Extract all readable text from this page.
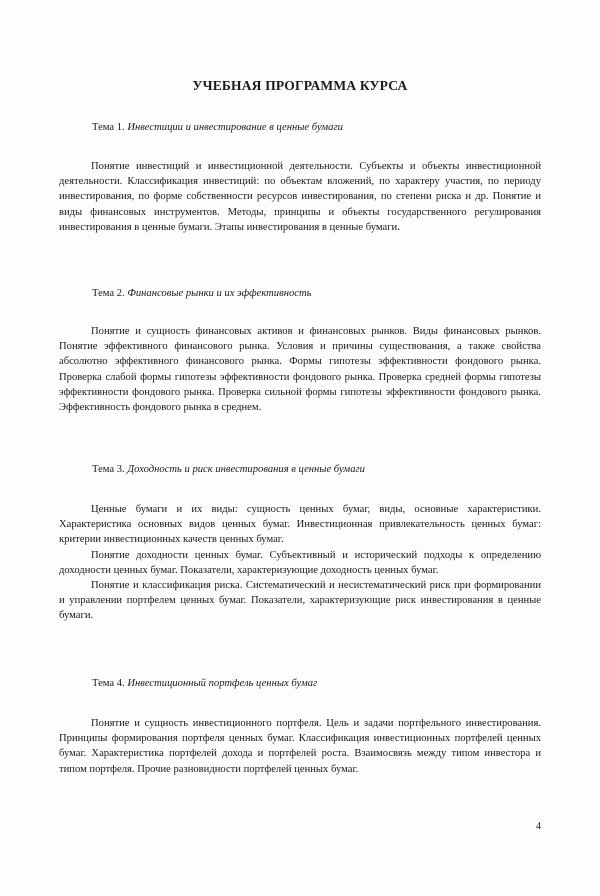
УЧЕБНАЯ ПРОГРАММА КУРСА
Тема 1. Инвестиции и инвестирование в ценные бумаги

Понятие инвестиций и инвестиционной деятельности. Субъекты и объекты инвестиционной деятельности. Классификация инвестиций: по объектам вложений, по характеру участия, по периоду инвестирования, по форме собственности ресурсов инвестирования, по степени риска и др. Понятие и виды финансовых инструментов. Методы, принципы и объекты государственного регулирования инвестирования в ценные бумаги. Этапы инвестирования в ценные бумаги.

Тема 2. Финансовые рынки и их эффективность

Понятие и сущность финансовых активов и финансовых рынков. Виды финансовых рынков. Понятие эффективного финансового рынка. Условия и причины существования, а также свойства абсолютно эффективного финансового рынка. Формы гипотезы эффективности фондового рынка. Проверка слабой формы гипотезы эффективности фондового рынка. Проверка средней формы гипотезы эффективности фондового рынка. Проверка сильной формы гипотезы эффективности фондового рынка. Эффективность фондового рынка в среднем.

Тема 3. Доходность и риск инвестирования в ценные бумаги

Ценные бумаги и их виды: сущность ценных бумаг, виды, основные характеристики. Характеристика основных видов ценных бумаг. Инвестиционная привлекательность ценных бумаг: критерии инвестиционных качеств ценных бумаг.

Понятие доходности ценных бумаг. Субъективный и исторический подходы к определению доходности ценных бумаг. Показатели, характеризующие доходность ценных бумаг.

Понятие и классификация риска. Систематический и несистематический риск при формировании и управлении портфелем ценных бумаг. Показатели, характеризующие риск инвестирования в ценные бумаги.

Тема 4. Инвестиционный портфель ценных бумаг

Понятие и сущность инвестиционного портфеля. Цель и задачи портфельного инвестирования. Принципы формирования портфеля ценных бумаг. Классификация инвестиционных портфелей ценных бумаг. Характеристика портфелей дохода и портфелей роста. Взаимосвязь между типом инвестора и типом портфеля. Прочие разновидности портфелей ценных бумаг.

4
